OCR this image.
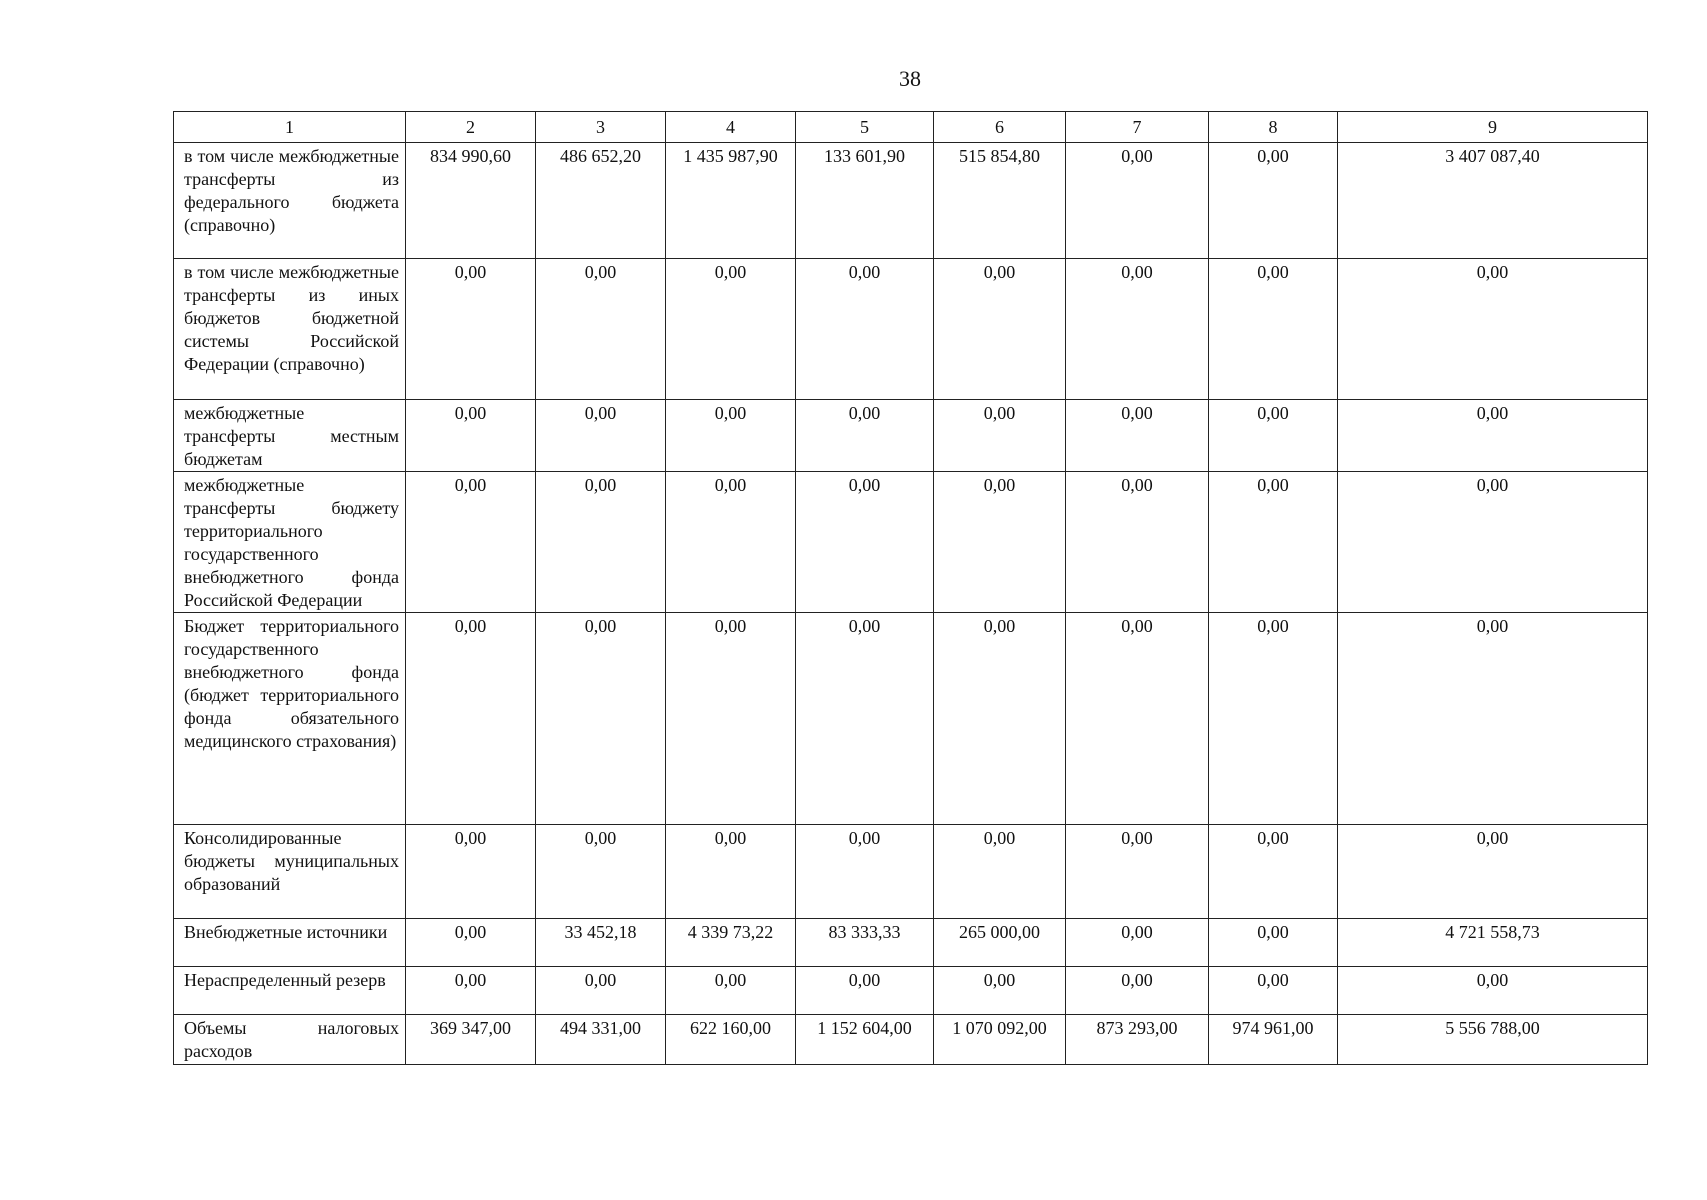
38
1	2	3	4	5	6	7	8	9
в том числе межбюджетные трансферты из федерального бюджета (справочно)	834 990,60	486 652,20	1 435 987,90	133 601,90	515 854,80	0,00	0,00	3 407 087,40
в том числе межбюджетные трансферты из иных бюджетов бюджетной системы Российской Федерации (справочно)	0,00	0,00	0,00	0,00	0,00	0,00	0,00	0,00
межбюджетные трансферты местным бюджетам	0,00	0,00	0,00	0,00	0,00	0,00	0,00	0,00
межбюджетные трансферты бюджету территориального государственного внебюджетного фонда Российской Федерации	0,00	0,00	0,00	0,00	0,00	0,00	0,00	0,00
Бюджет территориального государственного внебюджетного фонда (бюджет территориального фонда обязательного медицинского страхования)	0,00	0,00	0,00	0,00	0,00	0,00	0,00	0,00
Консолидированные бюджеты муниципальных образований	0,00	0,00	0,00	0,00	0,00	0,00	0,00	0,00
Внебюджетные источники	0,00	33 452,18	4 339 73,22	83 333,33	265 000,00	0,00	0,00	4 721 558,73
Нераспределенный резерв	0,00	0,00	0,00	0,00	0,00	0,00	0,00	0,00
Объемы налоговых расходов	369 347,00	494 331,00	622 160,00	1 152 604,00	1 070 092,00	873 293,00	974 961,00	5 556 788,00
